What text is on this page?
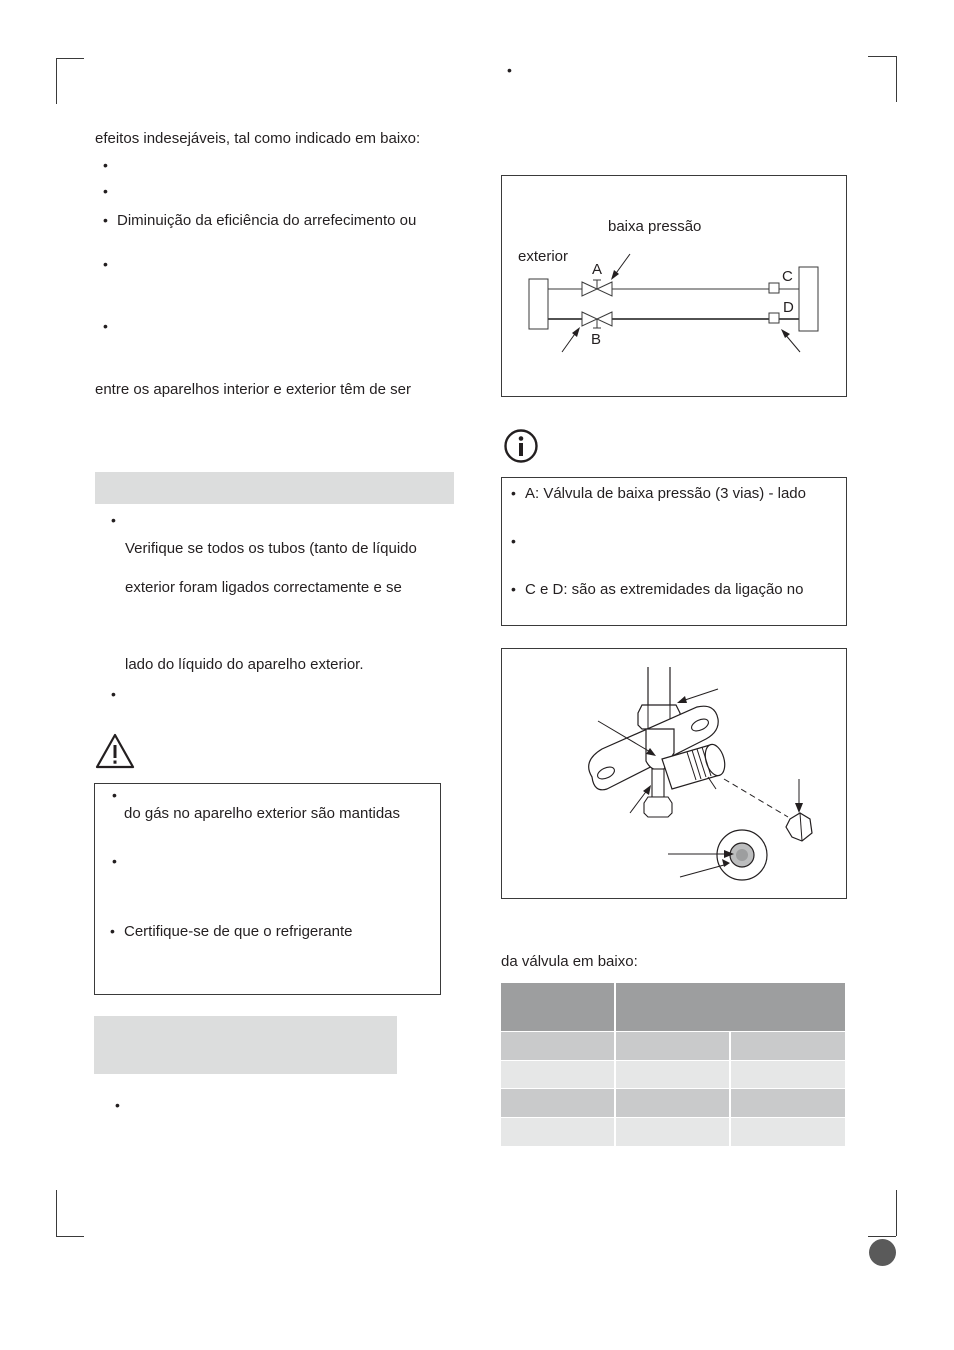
efeitos indesejáveis, tal como indicado em baixo:
•
•
• Diminuição da eficiência do arrefecimento ou
•
•
entre os aparelhos interior e exterior têm de ser
•
Verifique se todos os tubos (tanto de líquido
exterior foram ligados correctamente e se
lado do líquido do aparelho exterior.
•
•
do gás no aparelho exterior são mantidas
•
• Certifique-se de que o refrigerante
•
•
baixa pressão
exterior
A
B
C
D
• A: Válvula de baixa pressão (3 vias) - lado
•
• C e D: são as extremidades da ligação no
da válvula em baixo:
